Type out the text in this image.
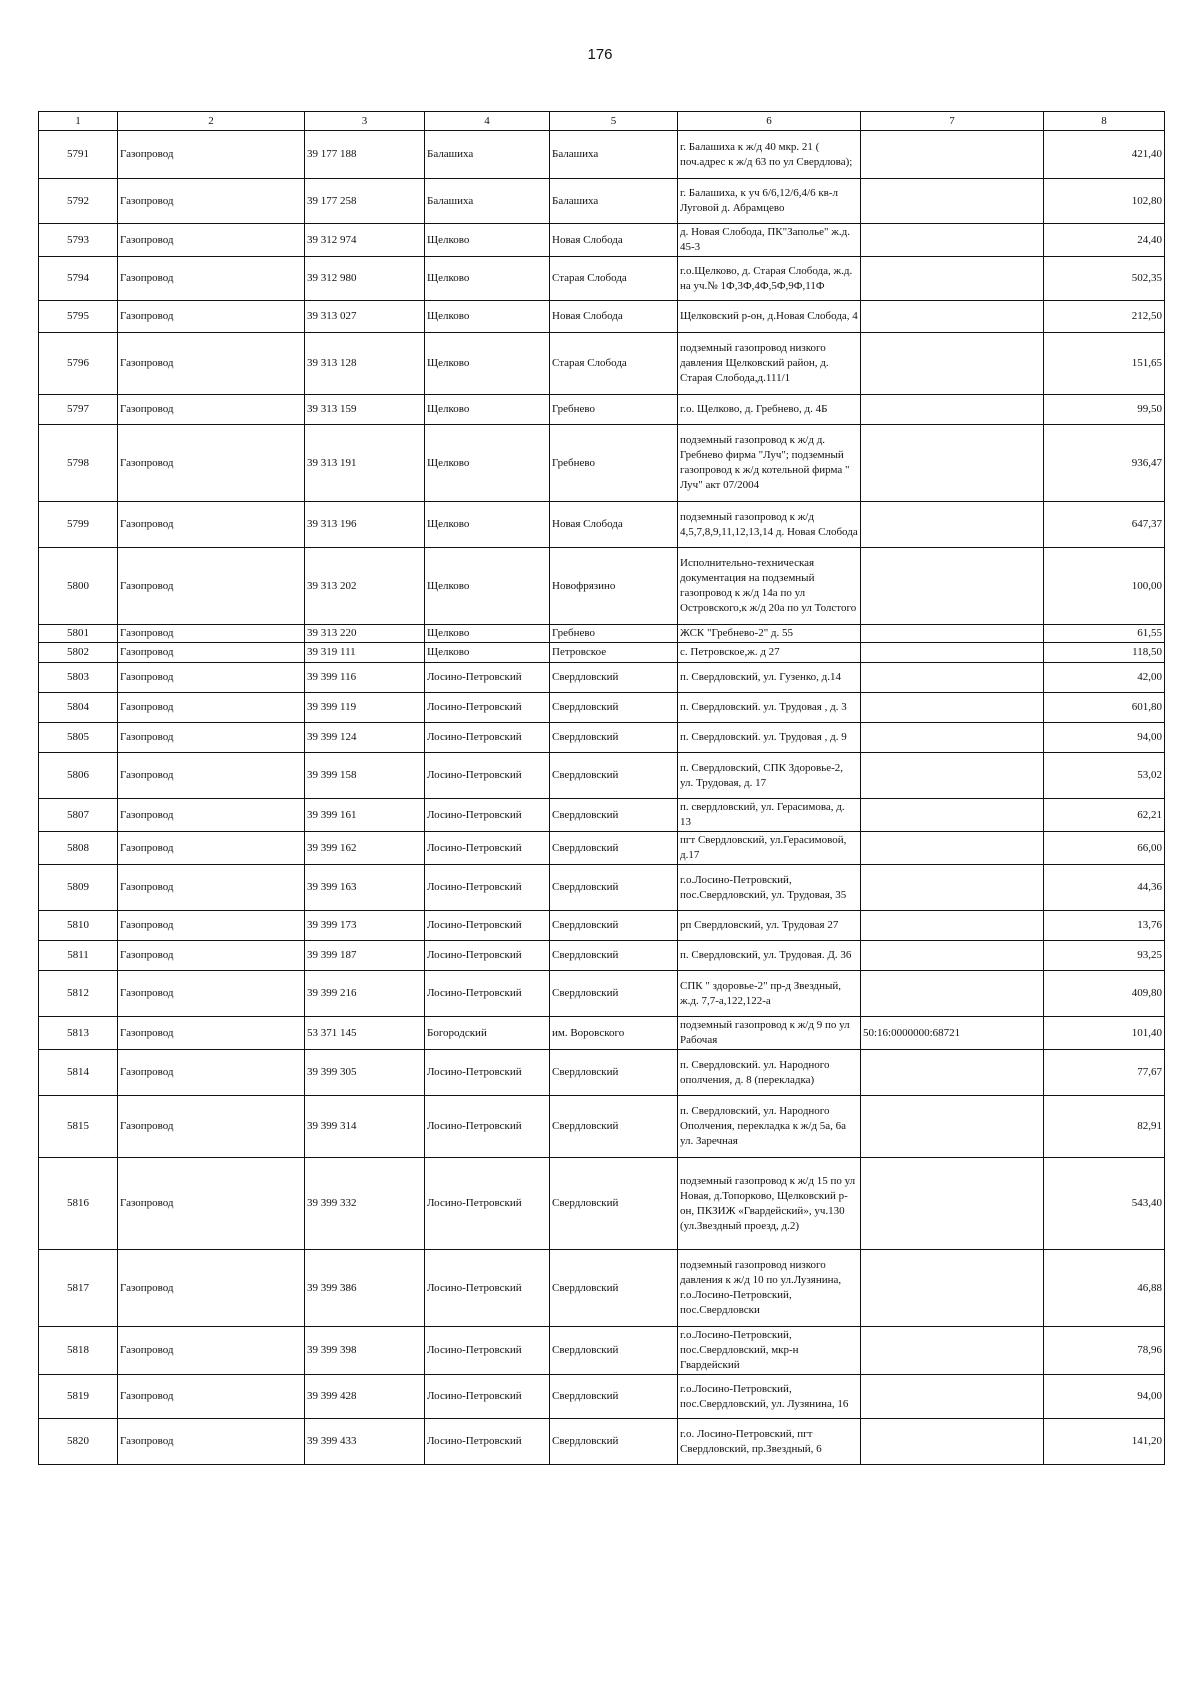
176
1	2	3	4	5	6	7	8
5791	Газопровод	39 177 188	Балашиха	Балашиха	г. Балашиха к ж/д 40 мкр. 21 ( поч.адрес к ж/д 63 по ул Свердлова);		421,40
5792	Газопровод	39 177 258	Балашиха	Балашиха	г. Балашиха, к уч 6/6,12/6,4/6 кв-л Луговой д. Абрамцево		102,80
5793	Газопровод	39 312 974	Щелково	Новая Слобода	д. Новая Слобода, ПК"Заполье" ж.д. 45-3		24,40
5794	Газопровод	39 312 980	Щелково	Старая Слобода	г.о.Щелково, д. Старая Слобода, ж.д. на уч.№ 1Ф,3Ф,4Ф,5Ф,9Ф,11Ф		502,35
5795	Газопровод	39 313 027	Щелково	Новая Слобода	Щелковский р-он, д.Новая Слобода, 4		212,50
5796	Газопровод	39 313 128	Щелково	Старая Слобода	подземный газопровод низкого давления Щелковский район, д. Старая Слобода,д.111/1		151,65
5797	Газопровод	39 313 159	Щелково	Гребнево	г.о. Щелково, д. Гребнево, д. 4Б		99,50
5798	Газопровод	39 313 191	Щелково	Гребнево	подземный газопровод к ж/д д. Гребнево фирма "Луч"; подземный газопровод к ж/д котельной фирма " Луч" акт 07/2004		936,47
5799	Газопровод	39 313 196	Щелково	Новая Слобода	подземный газопровод к ж/д 4,5,7,8,9,11,12,13,14 д. Новая Слобода		647,37
5800	Газопровод	39 313 202	Щелково	Новофрязино	Исполнительно-техническая документация на подземный газопровод к ж/д 14а по ул Островского,к ж/д 20а по ул Толстого		100,00
5801	Газопровод	39 313 220	Щелково	Гребнево	ЖСК "Гребнево-2" д. 55		61,55
5802	Газопровод	39 319 111	Щелково	Петровское	с. Петровское,ж. д 27		118,50
5803	Газопровод	39 399 116	Лосино-Петровский	Свердловский	п. Свердловский, ул. Гузенко, д.14		42,00
5804	Газопровод	39 399 119	Лосино-Петровский	Свердловский	п. Свердловский. ул. Трудовая , д. 3		601,80
5805	Газопровод	39 399 124	Лосино-Петровский	Свердловский	п. Свердловский. ул. Трудовая , д. 9		94,00
5806	Газопровод	39 399 158	Лосино-Петровский	Свердловский	п. Свердловский, СПК Здоровье-2, ул. Трудовая, д. 17		53,02
5807	Газопровод	39 399 161	Лосино-Петровский	Свердловский	п. свердловский, ул. Герасимова, д. 13		62,21
5808	Газопровод	39 399 162	Лосино-Петровский	Свердловский	пгт Свердловский, ул.Герасимовой, д.17		66,00
5809	Газопровод	39 399 163	Лосино-Петровский	Свердловский	г.о.Лосино-Петровский, пос.Свердловский, ул. Трудовая, 35		44,36
5810	Газопровод	39 399 173	Лосино-Петровский	Свердловский	рп Свердловский, ул. Трудовая 27		13,76
5811	Газопровод	39 399 187	Лосино-Петровский	Свердловский	п. Свердловский, ул. Трудовая. Д. 36		93,25
5812	Газопровод	39 399 216	Лосино-Петровский	Свердловский	СПК " здоровье-2" пр-д Звездный, ж.д. 7,7-а,122,122-а		409,80
5813	Газопровод	53 371 145	Богородский	им. Воровского	подземный газопровод к ж/д 9 по ул Рабочая	50:16:0000000:68721	101,40
5814	Газопровод	39 399 305	Лосино-Петровский	Свердловский	п. Свердловский. ул. Народного ополчения, д. 8 (перекладка)		77,67
5815	Газопровод	39 399 314	Лосино-Петровский	Свердловский	п. Свердловский, ул. Народного Ополчения, перекладка к ж/д 5а, 6а ул. Заречная		82,91
5816	Газопровод	39 399 332	Лосино-Петровский	Свердловский	подземный газопровод к ж/д 15 по ул Новая, д.Топорково, Щелковский р-он, ПКЗИЖ «Гвардейский», уч.130 (ул.Звездный проезд, д.2)		543,40
5817	Газопровод	39 399 386	Лосино-Петровский	Свердловский	подземный газопровод низкого давления к ж/д 10 по ул.Лузянина, г.о.Лосино-Петровский, пос.Свердловски		46,88
5818	Газопровод	39 399 398	Лосино-Петровский	Свердловский	г.о.Лосино-Петровский, пос.Свердловский, мкр-н Гвардейский		78,96
5819	Газопровод	39 399 428	Лосино-Петровский	Свердловский	г.о.Лосино-Петровский, пос.Свердловский, ул. Лузянина, 16		94,00
5820	Газопровод	39 399 433	Лосино-Петровский	Свердловский	г.о. Лосино-Петровский, пгт Свердловский, пр.Звездный, 6		141,20
